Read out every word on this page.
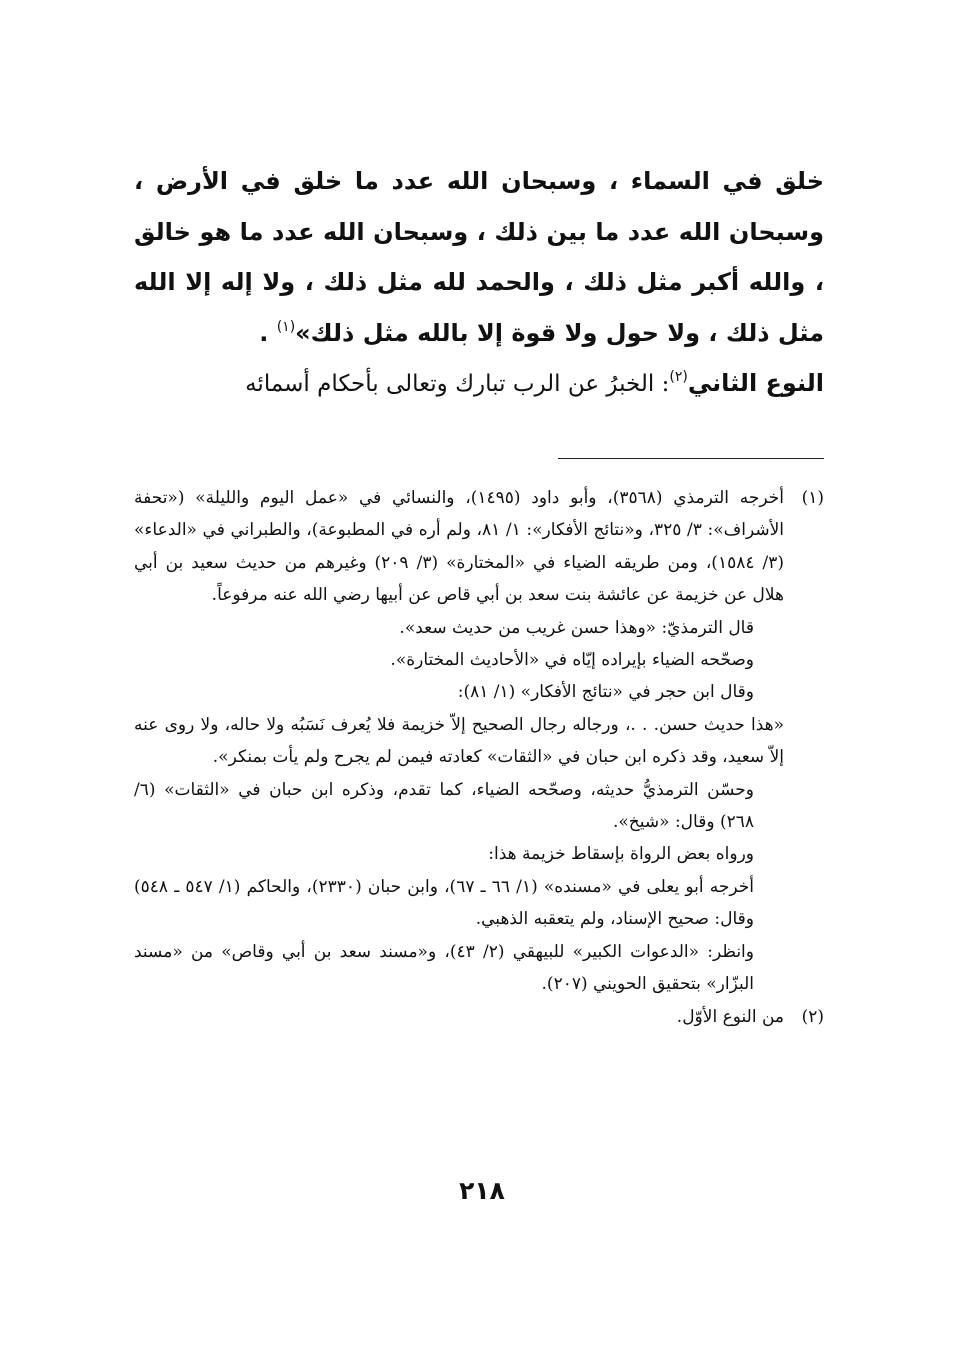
خلق في السماء ، وسبحان الله عدد ما خلق في الأرض ، وسبحان الله عدد ما بين ذلك ، وسبحان الله عدد ما هو خالق ، والله أكبر مثل ذلك ، والحمد لله مثل ذلك ، ولا إله إلا الله مثل ذلك ، ولا حول ولا قوة إلا بالله مثل ذلك»$^{(١)}$ .

النوع الثاني$^{(٢)}$: الخبرُ عن الرب تبارك وتعالى بأحكام أسمائه

(١)

أخرجه الترمذي (٣٥٦٨)، وأبو داود (١٤٩٥)، والنسائي في «عمل اليوم والليلة» («تحفة الأشراف»: ٣/ ٣٢٥، و«نتائج الأفكار»: ١/ ٨١، ولم أره في المطبوعة)، والطبراني في «الدعاء» (٣/ ١٥٨٤)، ومن طريقه الضياء في «المختارة» (٣/ ٢٠٩) وغيرهم من حديث سعيد بن أبي هلال عن خزيمة عن عائشة بنت سعد بن أبي قاص عن أبيها رضي الله عنه مرفوعاً.

قال الترمذيّ: «وهذا حسن غريب من حديث سعد».

وصحّحه الضياء بإيراده إيّاه في «الأحاديث المختارة».

وقال ابن حجر في «نتائج الأفكار» (١/ ٨١):

«هذا حديث حسن. . .، ورجاله رجال الصحيح إلاّ خزيمة فلا يُعرف نَسَبُه ولا حاله، ولا روى عنه إلاّ سعيد، وقد ذكره ابن حبان في «الثقات» كعادته فيمن لم يجرح ولم يأت بمنكر».

وحسّن الترمذيُّ حديثه، وصحّحه الضياء، كما تقدم، وذكره ابن حبان في «الثقات» (٦/ ٢٦٨) وقال: «شيخ».

ورواه بعض الرواة بإسقاط خزيمة هذا:

أخرجه أبو يعلى في «مسنده» (١/ ٦٦ ـ ٦٧)، وابن حبان (٢٣٣٠)، والحاكم (١/ ٥٤٧ ـ ٥٤٨) وقال: صحيح الإسناد، ولم يتعقبه الذهبي.

وانظر: «الدعوات الكبير» للبيهقي (٢/ ٤٣)، و«مسند سعد بن أبي وقاص» من «مسند البزّار» بتحقيق الحويني (٢٠٧).

(٢)

من النوع الأوّل.

٢١٨
